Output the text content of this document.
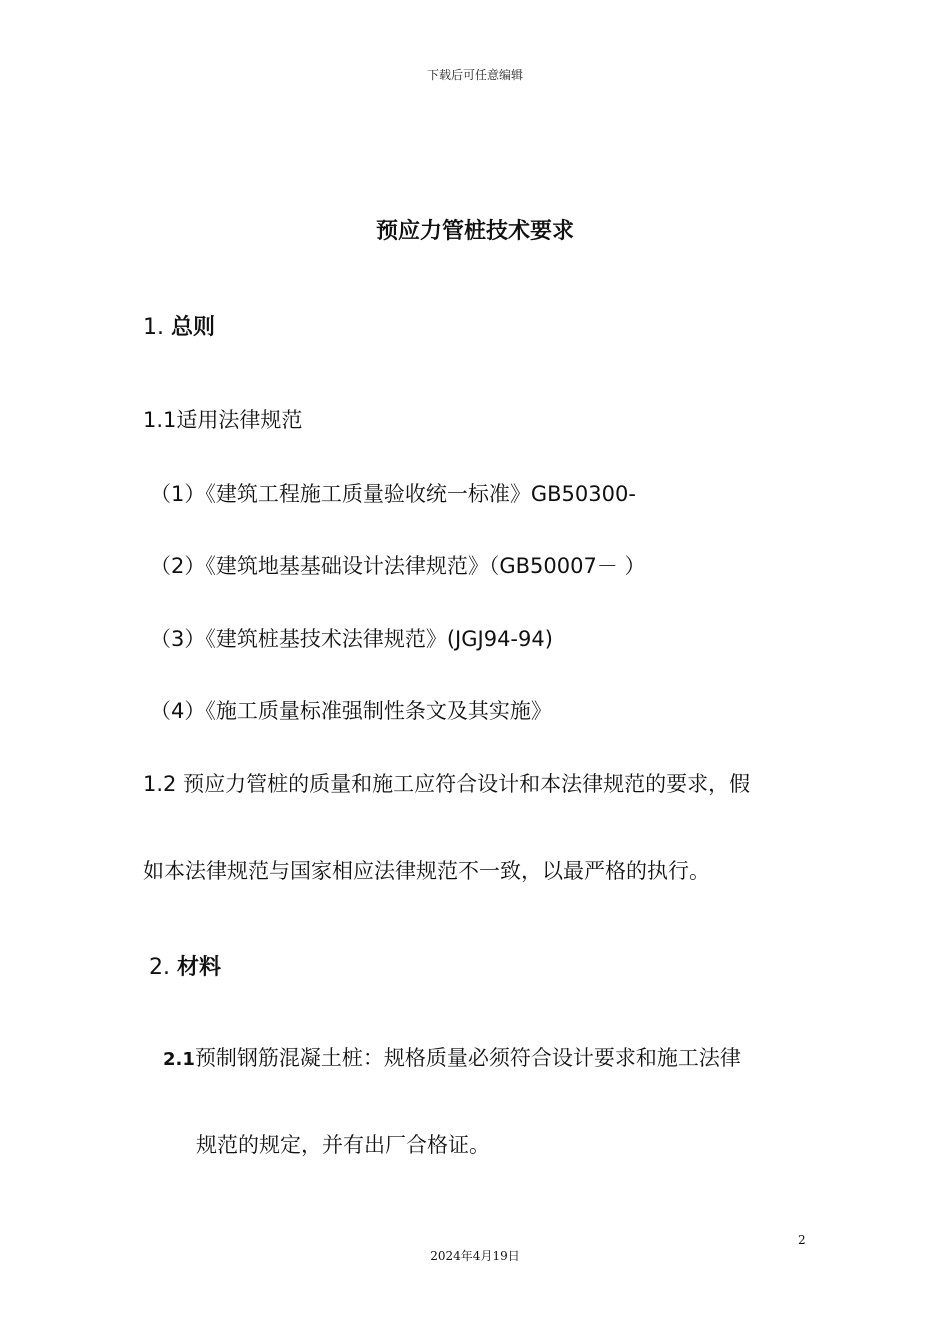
下载后可任意编辑
预应力管桩技术要求
1. 总则
1.1适用法律规范
（1）《建筑工程施工质量验收统一标准》GB50300-
（2）《建筑地基基础设计法律规范》（GB50007－ ）
（3）《建筑桩基技术法律规范》(JGJ94-94)
（4）《施工质量标准强制性条文及其实施》
1.2 预应力管桩的质量和施工应符合设计和本法律规范的要求，假
如本法律规范与国家相应法律规范不一致，以最严格的执行。
2. 材料
2.1预制钢筋混凝土桩：规格质量必须符合设计要求和施工法律
规范的规定，并有出厂合格证。
2
2024年4月19日
